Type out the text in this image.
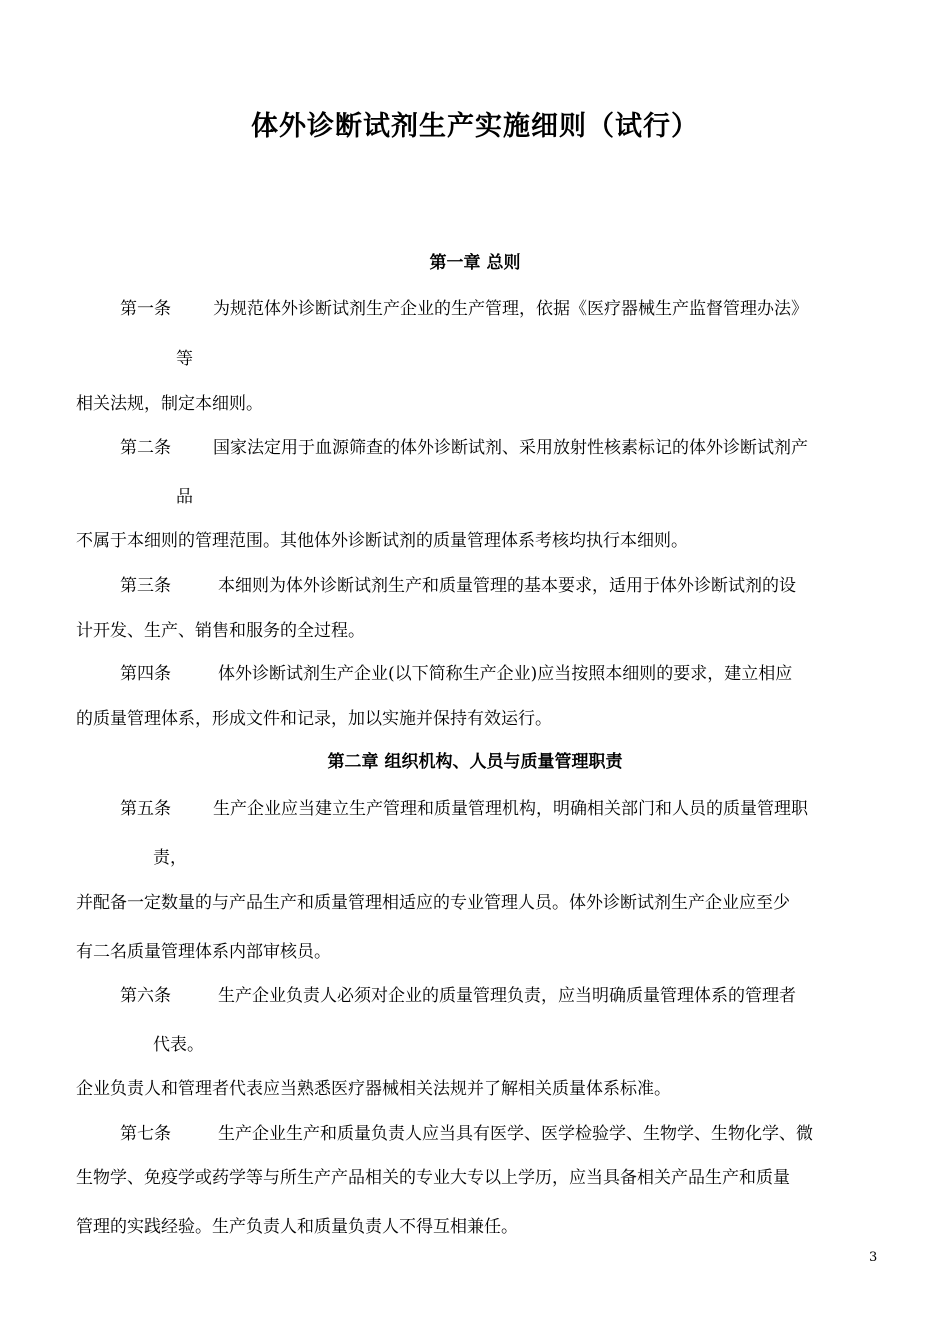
体外诊断试剂生产实施细则（试行）
第一章 总则
第一条 为规范体外诊断试剂生产企业的生产管理，依据《医疗器械生产监督管理办法》
等
相关法规，制定本细则。
第二条 国家法定用于血源筛查的体外诊断试剂、采用放射性核素标记的体外诊断试剂产
品
不属于本细则的管理范围。其他体外诊断试剂的质量管理体系考核均执行本细则。
第三条	本细则为体外诊断试剂生产和质量管理的基本要求，适用于体外诊断试剂的设
计开发、生产、销售和服务的全过程。
第四条	体外诊断试剂生产企业(以下简称生产企业)应当按照本细则的要求，建立相应
的质量管理体系，形成文件和记录，加以实施并保持有效运行。
第二章 组织机构、人员与质量管理职责
第五条 生产企业应当建立生产管理和质量管理机构，明确相关部门和人员的质量管理职
责，
并配备一定数量的与产品生产和质量管理相适应的专业管理人员。体外诊断试剂生产企业应至少
有二名质量管理体系内部审核员。
第六条	生产企业负责人必须对企业的质量管理负责，应当明确质量管理体系的管理者
代表。
企业负责人和管理者代表应当熟悉医疗器械相关法规并了解相关质量体系标准。
第七条	生产企业生产和质量负责人应当具有医学、医学检验学、生物学、生物化学、微
生物学、免疫学或药学等与所生产产品相关的专业大专以上学历，应当具备相关产品生产和质量
管理的实践经验。生产负责人和质量负责人不得互相兼任。
3
